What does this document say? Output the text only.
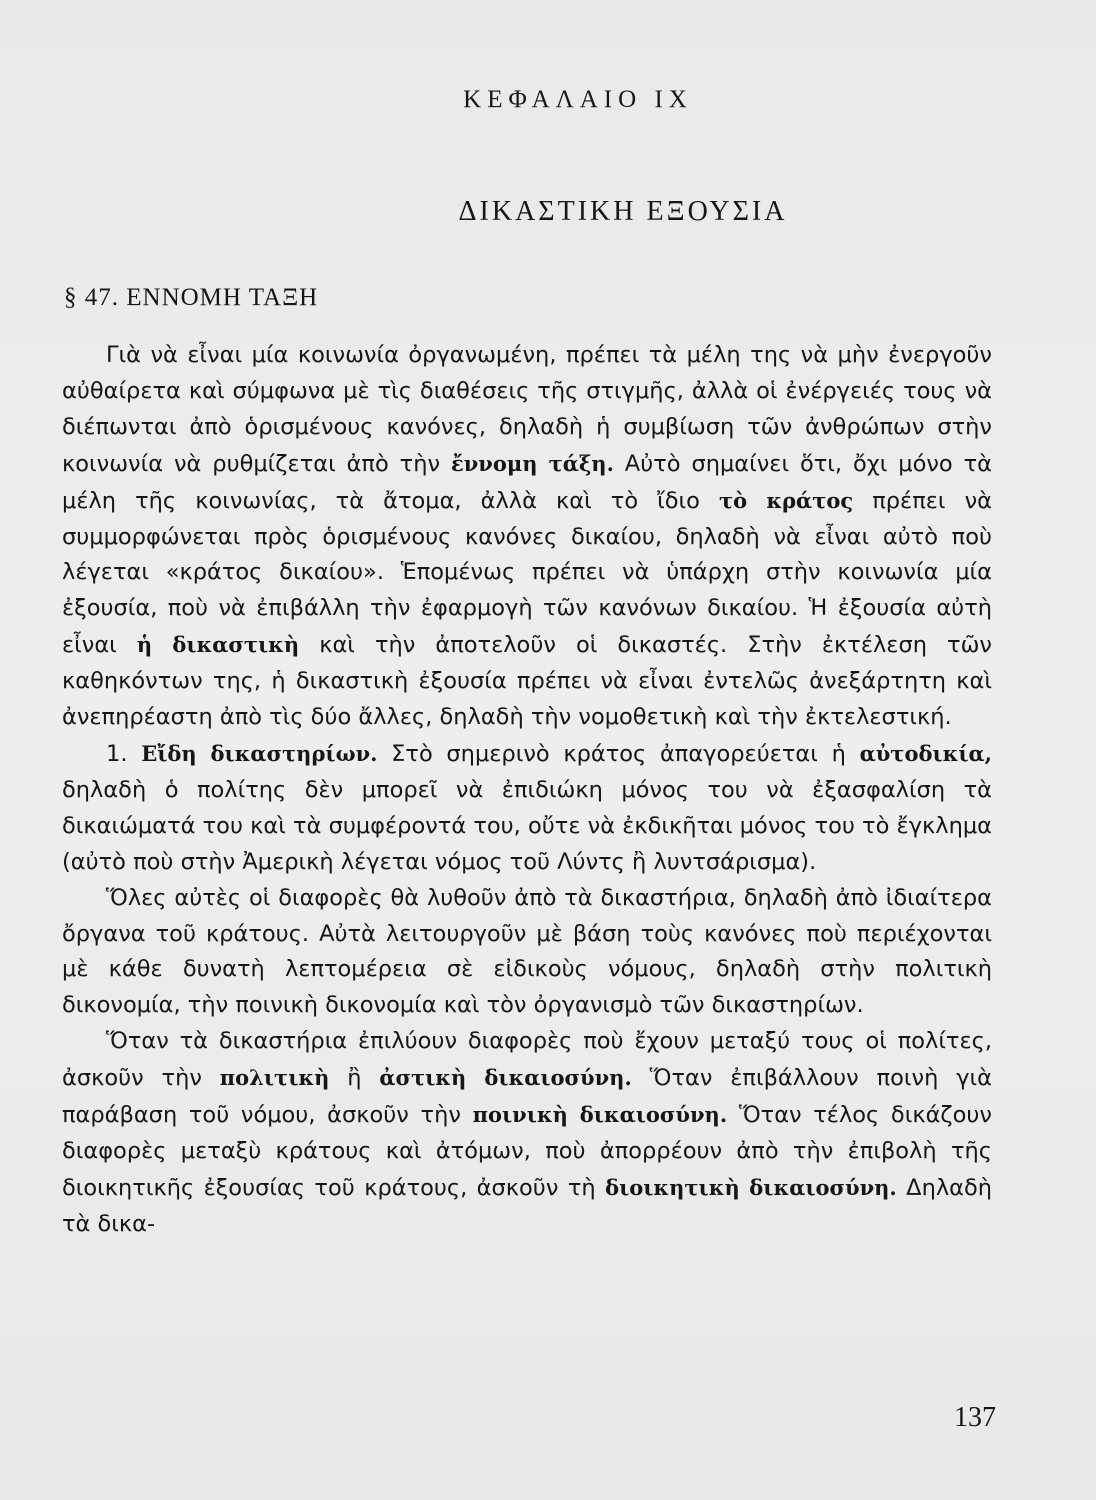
ΚΕΦΑΛΑΙΟ ΙΧ
ΔΙΚΑΣΤΙΚΗ ΕΞΟΥΣΙΑ
§ 47. ΕΝΝΟΜΗ ΤΑΞΗ

Γιὰ νὰ εἶναι μία κοινωνία ὀργανωμένη, πρέπει τὰ μέλη της νὰ μὴν ἐνεργοῦν αὐθαίρετα καὶ σύμφωνα μὲ τὶς διαθέσεις τῆς στιγμῆς, ἀλλὰ οἱ ἐνέργειές τους νὰ διέπωνται ἀπὸ ὁρισμένους κανόνες, δηλαδὴ ἡ συμβίωση τῶν ἀνθρώπων στὴν κοινωνία νὰ ρυθμίζεται ἀπὸ τὴν ἔννομη τάξη. Αὐτὸ σημαίνει ὅτι, ὄχι μόνο τὰ μέλη τῆς κοινωνίας, τὰ ἄτομα, ἀλλὰ καὶ τὸ ἴδιο τὸ κράτος πρέπει νὰ συμμορφώνεται πρὸς ὁρισμένους κανόνες δικαίου, δηλαδὴ νὰ εἶναι αὐτὸ ποὺ λέγεται «κράτος δικαίου». Ἑπομένως πρέπει νὰ ὑπάρχη στὴν κοινωνία μία ἐξουσία, ποὺ νὰ ἐπιβάλλη τὴν ἐφαρμογὴ τῶν κανόνων δικαίου. Ἡ ἐξουσία αὐτὴ εἶναι ἡ δικαστικὴ καὶ τὴν ἀποτελοῦν οἱ δικαστές. Στὴν ἐκτέλεση τῶν καθηκόντων της, ἡ δικαστικὴ ἐξουσία πρέπει νὰ εἶναι ἐντελῶς ἀνεξάρτητη καὶ ἀνεπηρέαστη ἀπὸ τὶς δύο ἄλλες, δηλαδὴ τὴν νομοθετικὴ καὶ τὴν ἐκτελεστική.

1. Εἴδη δικαστηρίων. Στὸ σημερινὸ κράτος ἀπαγορεύεται ἡ αὐτοδικία, δηλαδὴ ὁ πολίτης δὲν μπορεῖ νὰ ἐπιδιώκη μόνος του νὰ ἐξασφαλίση τὰ δικαιώματά του καὶ τὰ συμφέροντά του, οὔτε νὰ ἐκδικῆται μόνος του τὸ ἔγκλημα (αὐτὸ ποὺ στὴν Ἀμερικὴ λέγεται νόμος τοῦ Λύντς ἢ λυντσάρισμα).

Ὅλες αὐτὲς οἱ διαφορὲς θὰ λυθοῦν ἀπὸ τὰ δικαστήρια, δηλαδὴ ἀπὸ ἰδιαίτερα ὄργανα τοῦ κράτους. Αὐτὰ λειτουργοῦν μὲ βάση τοὺς κανόνες ποὺ περιέχονται μὲ κάθε δυνατὴ λεπτομέρεια σὲ εἰδικοὺς νόμους, δηλαδὴ στὴν πολιτικὴ δικονομία, τὴν ποινικὴ δικονομία καὶ τὸν ὀργανισμὸ τῶν δικαστηρίων.

Ὅταν τὰ δικαστήρια ἐπιλύουν διαφορὲς ποὺ ἔχουν μεταξύ τους οἱ πολίτες, ἀσκοῦν τὴν πολιτικὴ ἢ ἀστικὴ δικαιοσύνη. Ὅταν ἐπιβάλλουν ποινὴ γιὰ παράβαση τοῦ νόμου, ἀσκοῦν τὴν ποινικὴ δικαιοσύνη. Ὅταν τέλος δικάζουν διαφορὲς μεταξὺ κράτους καὶ ἀτόμων, ποὺ ἀπορρέουν ἀπὸ τὴν ἐπιβολὴ τῆς διοικητικῆς ἐξουσίας τοῦ κράτους, ἀσκοῦν τὴ διοικητικὴ δικαιοσύνη. Δηλαδὴ τὰ δικα-

137
